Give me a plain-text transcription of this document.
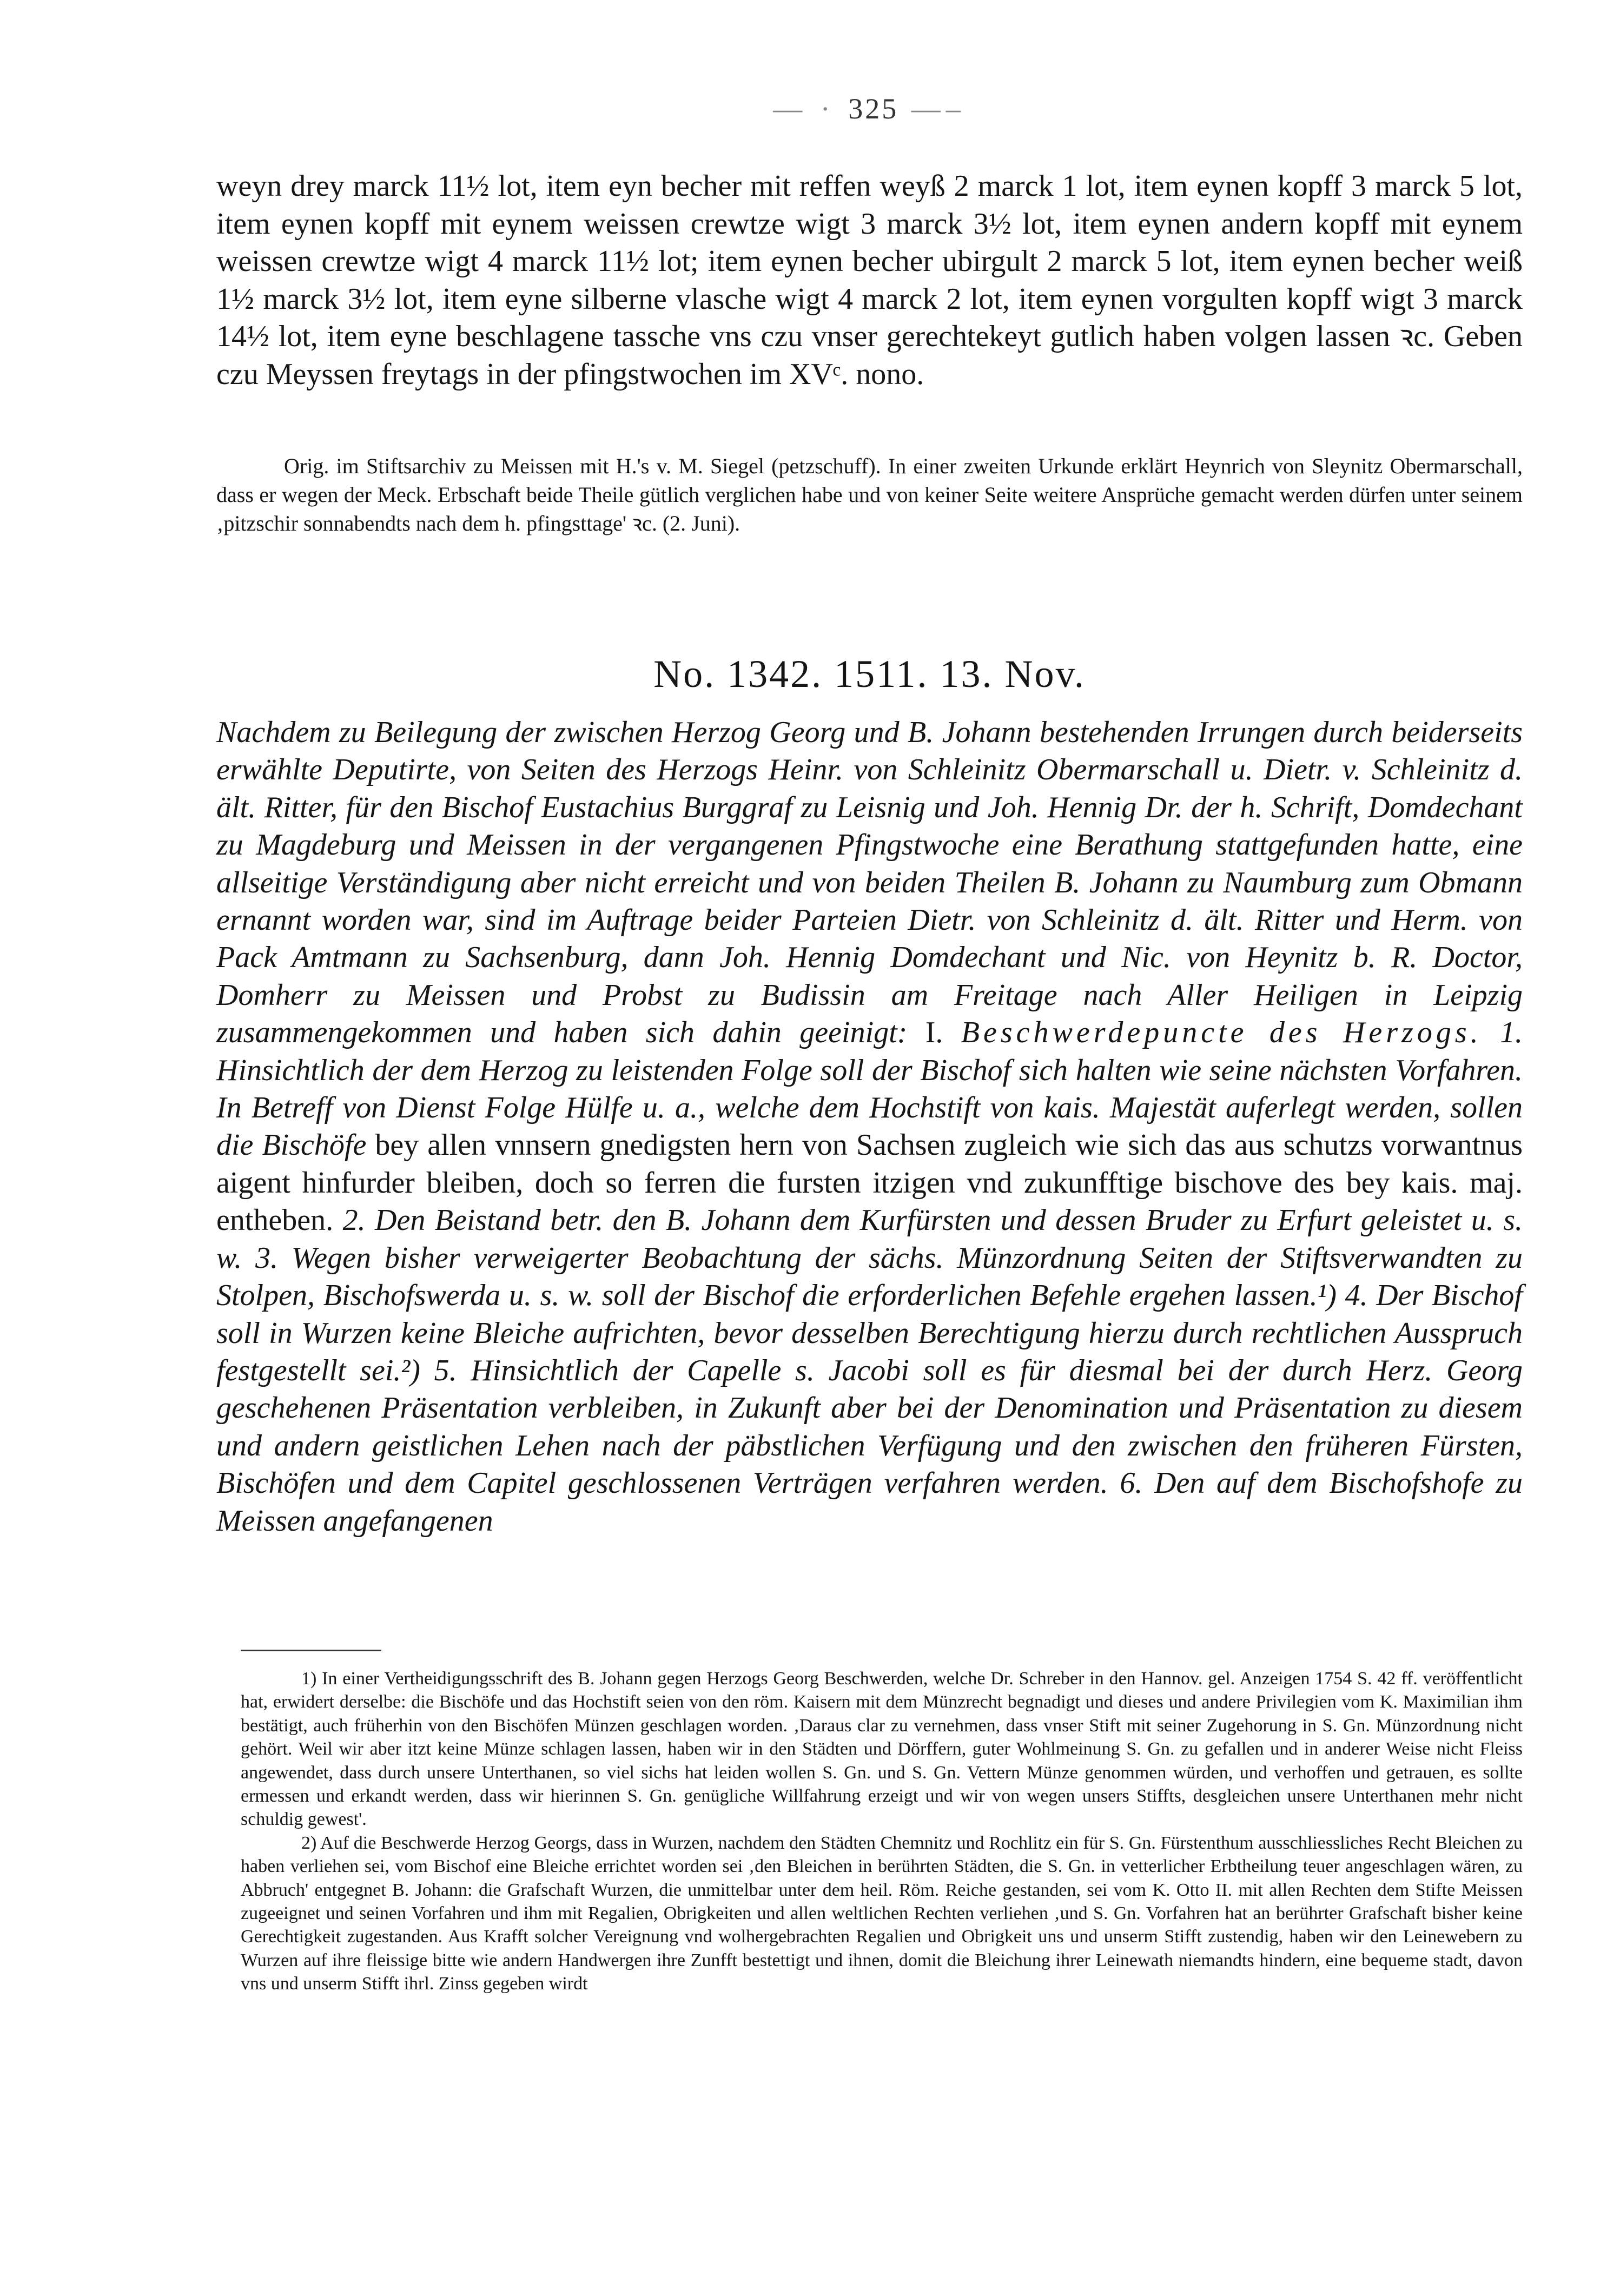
— · 325 —–
weyn drey marck 11½ lot, item eyn becher mit reffen weyß 2 marck 1 lot, item eynen kopff 3 marck 5 lot, item eynen kopff mit eynem weissen crewtze wigt 3 marck 3½ lot, item eynen andern kopff mit eynem weissen crewtze wigt 4 marck 11½ lot; item eynen becher ubirgult 2 marck 5 lot, item eynen becher weiß 1½ marck 3½ lot, item eyne silberne vlasche wigt 4 marck 2 lot, item eynen vorgulten kopff wigt 3 marck 14½ lot, item eyne beschlagene tassche vns czu vnser gerechtekeyt gutlich haben volgen lassen ꝛc. Geben czu Meyssen freytags in der pfingstwochen im XVᶜ. nono.
Orig. im Stiftsarchiv zu Meissen mit H.'s v. M. Siegel (petzschuff). In einer zweiten Urkunde erklärt Heynrich von Sleynitz Obermarschall, dass er wegen der Meck. Erbschaft beide Theile gütlich verglichen habe und von keiner Seite weitere Ansprüche gemacht werden dürfen unter seinem ‚pitzschir sonnabendts nach dem h. pfingsttage' ꝛc. (2. Juni).
No. 1342. 1511. 13. Nov.
Nachdem zu Beilegung der zwischen Herzog Georg und B. Johann bestehenden Irrungen durch beiderseits erwählte Deputirte, von Seiten des Herzogs Heinr. von Schleinitz Obermarschall u. Dietr. v. Schleinitz d. ält. Ritter, für den Bischof Eustachius Burggraf zu Leisnig und Joh. Hennig Dr. der h. Schrift, Domdechant zu Magdeburg und Meissen in der vergangenen Pfingstwoche eine Berathung stattgefunden hatte, eine allseitige Verständigung aber nicht erreicht und von beiden Theilen B. Johann zu Naumburg zum Obmann ernannt worden war, sind im Auftrage beider Parteien Dietr. von Schleinitz d. ält. Ritter und Herm. von Pack Amtmann zu Sachsenburg, dann Joh. Hennig Domdechant und Nic. von Heynitz b. R. Doctor, Domherr zu Meissen und Probst zu Budissin am Freitage nach Aller Heiligen in Leipzig zusammengekommen und haben sich dahin geeinigt: I. Beschwerdepuncte des Herzogs. 1. Hinsichtlich der dem Herzog zu leistenden Folge soll der Bischof sich halten wie seine nächsten Vorfahren. In Betreff von Dienst Folge Hülfe u. a., welche dem Hochstift von kais. Majestät auferlegt werden, sollen die Bischöfe bey allen vnnsern gnedigsten hern von Sachsen zugleich wie sich das aus schutzs vorwantnus aigent hinfurder bleiben, doch so ferren die fursten itzigen vnd zukunfftige bischove des bey kais. maj. entheben. 2. Den Beistand betr. den B. Johann dem Kurfürsten und dessen Bruder zu Erfurt geleistet u. s. w. 3. Wegen bisher verweigerter Beobachtung der sächs. Münzordnung Seiten der Stiftsverwandten zu Stolpen, Bischofswerda u. s. w. soll der Bischof die erforderlichen Befehle ergehen lassen.¹) 4. Der Bischof soll in Wurzen keine Bleiche aufrichten, bevor desselben Berechtigung hierzu durch rechtlichen Ausspruch festgestellt sei.²) 5. Hinsichtlich der Capelle s. Jacobi soll es für diesmal bei der durch Herz. Georg geschehenen Präsentation verbleiben, in Zukunft aber bei der Denomination und Präsentation zu diesem und andern geistlichen Lehen nach der päbstlichen Verfügung und den zwischen den früheren Fürsten, Bischöfen und dem Capitel geschlossenen Verträgen verfahren werden. 6. Den auf dem Bischofshofe zu Meissen angefangenen

1) In einer Vertheidigungsschrift des B. Johann gegen Herzogs Georg Beschwerden, welche Dr. Schreber in den Hannov. gel. Anzeigen 1754 S. 42 ff. veröffentlicht hat, erwidert derselbe: die Bischöfe und das Hochstift seien von den röm. Kaisern mit dem Münzrecht begnadigt und dieses und andere Privilegien vom K. Maximilian ihm bestätigt, auch früherhin von den Bischöfen Münzen geschlagen worden. ‚Daraus clar zu vernehmen, dass vnser Stift mit seiner Zugehorung in S. Gn. Münzordnung nicht gehört. Weil wir aber itzt keine Münze schlagen lassen, haben wir in den Städten und Dörffern, guter Wohlmeinung S. Gn. zu gefallen und in anderer Weise nicht Fleiss angewendet, dass durch unsere Unterthanen, so viel sichs hat leiden wollen S. Gn. und S. Gn. Vettern Münze genommen würden, und verhoffen und getrauen, es sollte ermessen und erkandt werden, dass wir hierinnen S. Gn. genügliche Willfahrung erzeigt und wir von wegen unsers Stiffts, desgleichen unsere Unterthanen mehr nicht schuldig gewest'.

2) Auf die Beschwerde Herzog Georgs, dass in Wurzen, nachdem den Städten Chemnitz und Rochlitz ein für S. Gn. Fürstenthum ausschliessliches Recht Bleichen zu haben verliehen sei, vom Bischof eine Bleiche errichtet worden sei ‚den Bleichen in berührten Städten, die S. Gn. in vetterlicher Erbtheilung teuer angeschlagen wären, zu Abbruch' entgegnet B. Johann: die Grafschaft Wurzen, die unmittelbar unter dem heil. Röm. Reiche gestanden, sei vom K. Otto II. mit allen Rechten dem Stifte Meissen zugeeignet und seinen Vorfahren und ihm mit Regalien, Obrigkeiten und allen weltlichen Rechten verliehen ‚und S. Gn. Vorfahren hat an berührter Grafschaft bisher keine Gerechtigkeit zugestanden. Aus Krafft solcher Vereignung vnd wolhergebrachten Regalien und Obrigkeit uns und unserm Stifft zustendig, haben wir den Leinewebern zu Wurzen auf ihre fleissige bitte wie andern Handwergen ihre Zunfft bestettigt und ihnen, domit die Bleichung ihrer Leinewath niemandts hindern, eine bequeme stadt, davon vns und unserm Stifft ihrl. Zinss gegeben wirdt
